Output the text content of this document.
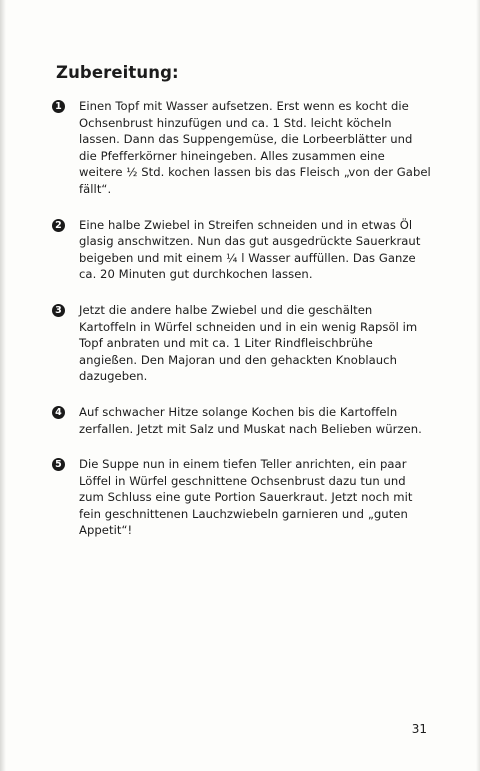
Zubereitung:
1 Einen Topf mit Wasser aufsetzen. Erst wenn es kocht die Ochsenbrust hinzufügen und ca. 1 Std. leicht köcheln lassen. Dann das Suppengemüse, die Lorbeerblätter und die Pfefferkörner hineingeben. Alles zusammen eine weitere ½ Std. kochen lassen bis das Fleisch „von der Gabel fällt“.
2 Eine halbe Zwiebel in Streifen schneiden und in etwas Öl glasig anschwitzen. Nun das gut ausgedrückte Sauerkraut beigeben und mit einem ¼ l Wasser auffüllen. Das Ganze ca. 20 Minuten gut durchkochen lassen.
3 Jetzt die andere halbe Zwiebel und die geschälten Kartoffeln in Würfel schneiden und in ein wenig Rapsöl im Topf anbraten und mit ca. 1 Liter Rindfleischbrühe angießen. Den Majoran und den gehackten Knoblauch dazugeben.
4 Auf schwacher Hitze solange Kochen bis die Kartoffeln zerfallen. Jetzt mit Salz und Muskat nach Belieben würzen.
5 Die Suppe nun in einem tiefen Teller anrichten, ein paar Löffel in Würfel geschnittene Ochsenbrust dazu tun und zum Schluss eine gute Portion Sauerkraut. Jetzt noch mit fein geschnittenen Lauchzwiebeln garnieren und „guten Appetit“!
31
